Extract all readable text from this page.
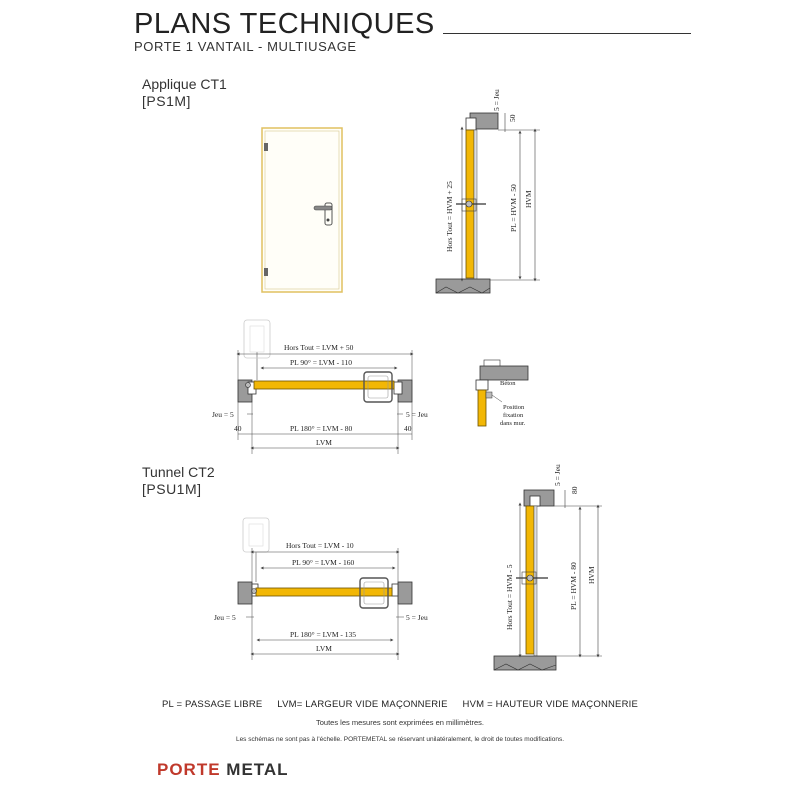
PLANS TECHNIQUES
PORTE 1 VANTAIL - MULTIUSAGE
Applique CT1
[PS1M]
Tunnel CT2
[PSU1M]
5 = Jeu
50
Hors Tout = HVM + 25	PL = HVM - 50 HVM
Hors Tout = LVM + 50
PL 90° = LVM - 110
Jeu = 5	5 = Jeu
40	PL 180° = LVM - 80	40
LVM
Béton
Position
fixation
dans mur.
Hors Tout = LVM - 10
PL 90° = LVM - 160
Jeu = 5	5 = Jeu
PL 180° = LVM - 135
LVM
5 = Jeu
80
Hors Tout = HVM - 5	PL = HVM - 80 HVM
PL = PASSAGE LIBRE LVM= LARGEUR VIDE MAÇONNERIE HVM = HAUTEUR VIDE MAÇONNERIE
Toutes les mesures sont exprimées en millimètres.
Les schémas ne sont pas à l'échelle. PORTEMETAL se réservant unilatéralement, le droit de toutes modifications.
PORTE METAL
